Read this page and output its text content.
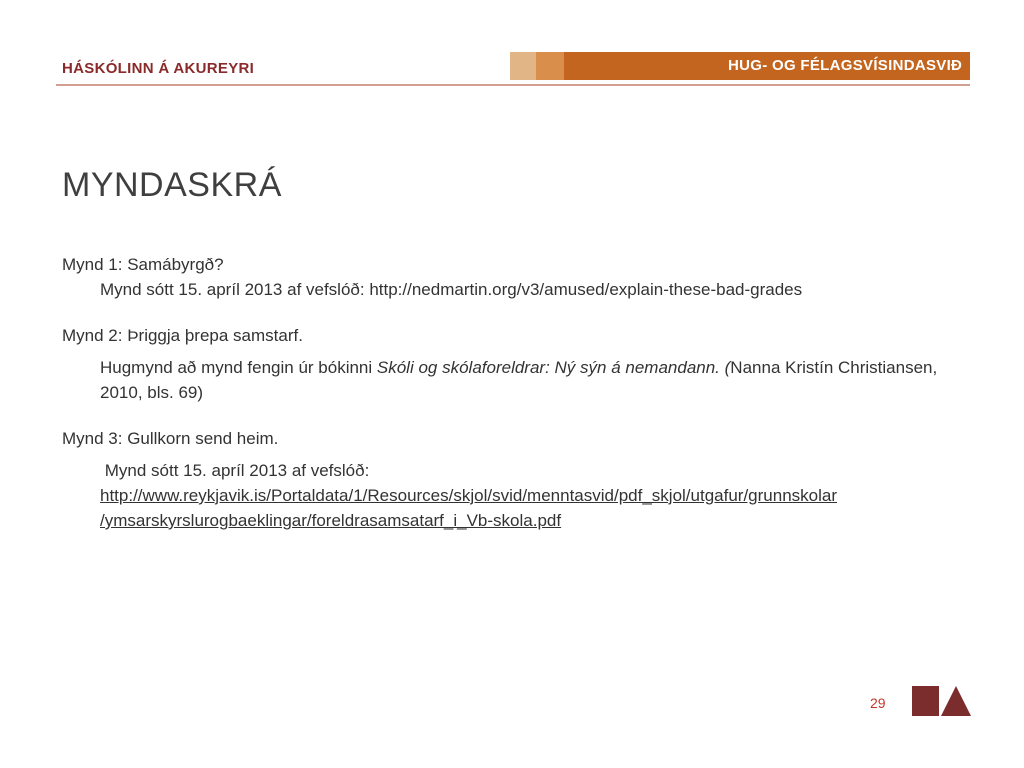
HÁSKÓLINN Á AKUREYRI	HUG- OG FÉLAGSVÍSINDASVIÐ
MYNDASKRÁ
Mynd 1: Samábyrgð?
Mynd sótt 15. apríl 2013 af vefslóð: http://nedmartin.org/v3/amused/explain-these-bad-grades
Mynd 2: Þriggja þrepa samstarf.
Hugmynd að mynd fengin úr bókinni Skóli og skólaforeldrar: Ný sýn á nemandann. (Nanna Kristín Christiansen, 2010, bls. 69)
Mynd 3: Gullkorn send heim.
Mynd sótt 15. apríl 2013 af vefslóð:
http://www.reykjavik.is/Portaldata/1/Resources/skjol/svid/menntasvid/pdf_skjol/utgafur/grunnskolar
/ymsarskyrslurogbaeklingar/foreldrasamsatarf_i_Vb-skola.pdf
29
